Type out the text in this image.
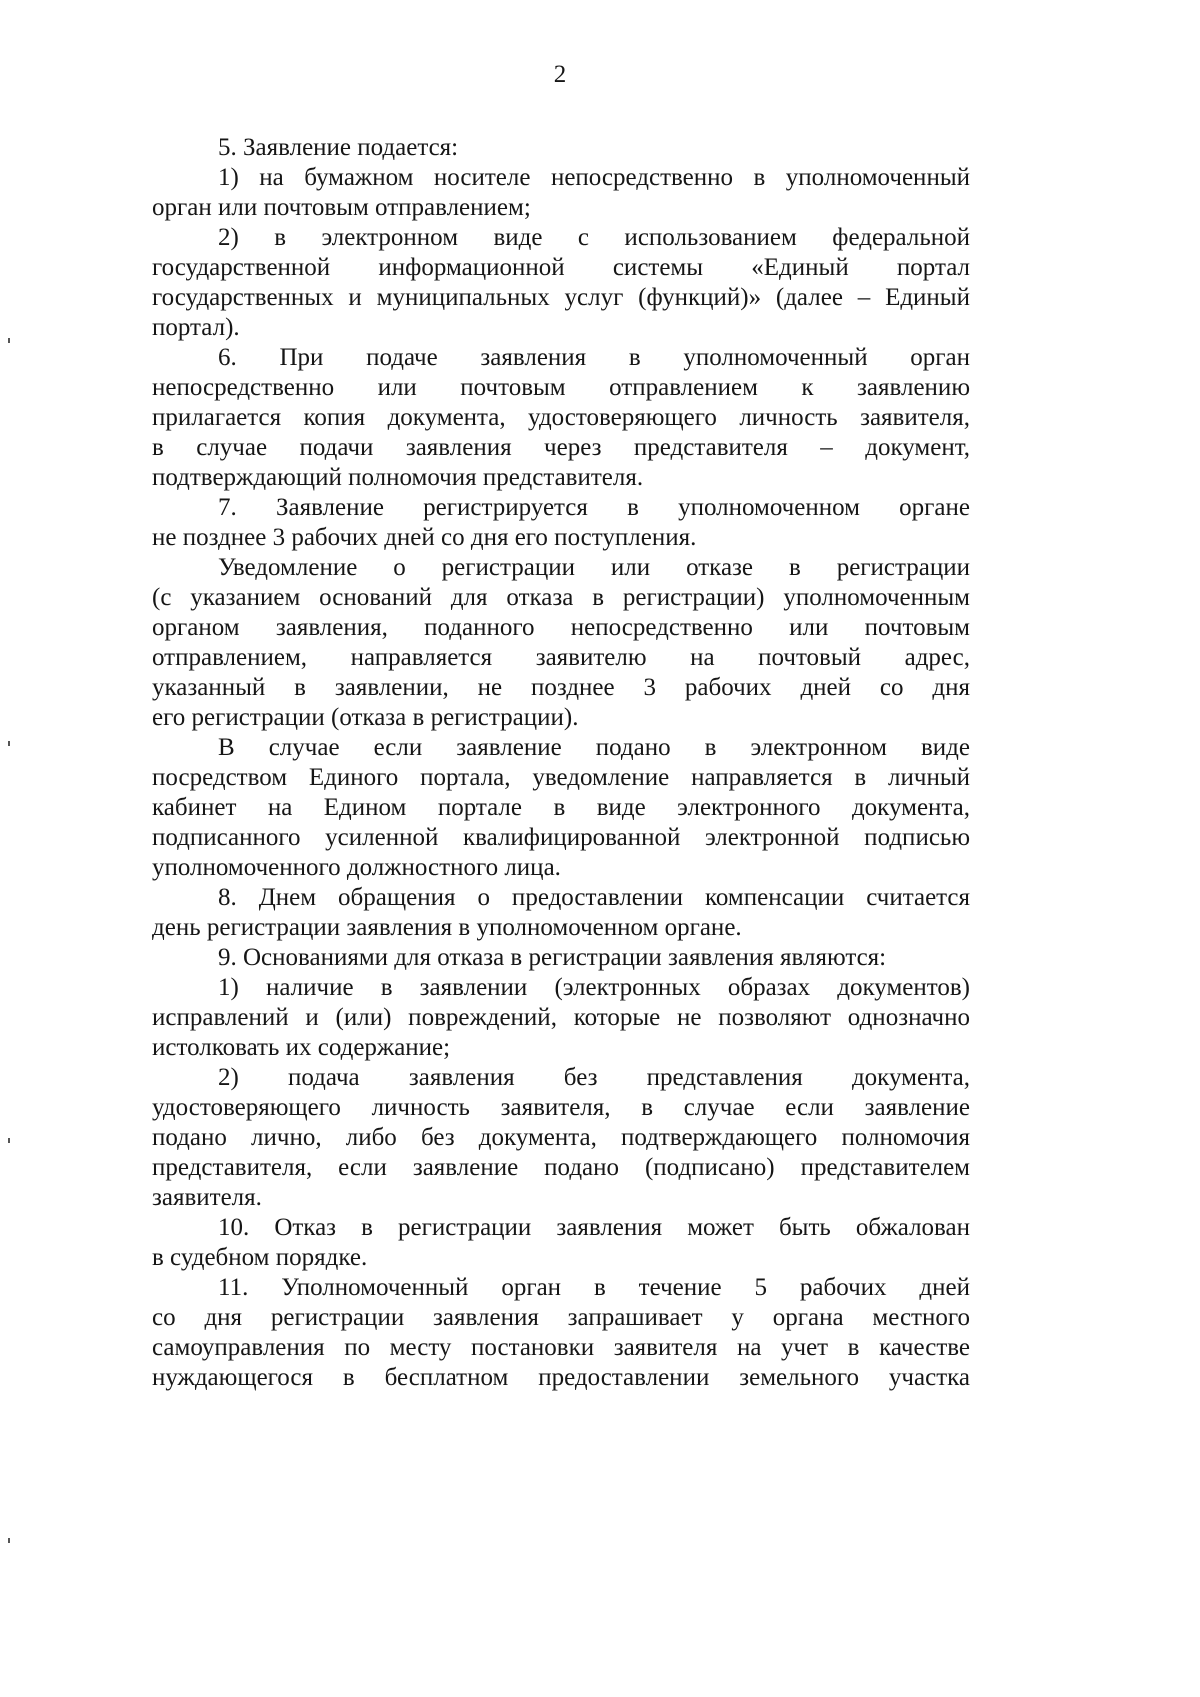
2
5. Заявление подается:
1) на бумажном носителе непосредственно в уполномоченный
орган или почтовым отправлением;
2) в электронном виде с использованием федеральной
государственной информационной системы «Единый портал
государственных и муниципальных услуг (функций)» (далее – Единый
портал).
6. При подаче заявления в уполномоченный орган
непосредственно или почтовым отправлением к заявлению
прилагается копия документа, удостоверяющего личность заявителя,
в случае подачи заявления через представителя – документ,
подтверждающий полномочия представителя.
7. Заявление регистрируется в уполномоченном органе
не позднее 3 рабочих дней со дня его поступления.
Уведомление о регистрации или отказе в регистрации
(с указанием оснований для отказа в регистрации) уполномоченным
органом заявления, поданного непосредственно или почтовым
отправлением, направляется заявителю на почтовый адрес,
указанный в заявлении, не позднее 3 рабочих дней со дня
его регистрации (отказа в регистрации).
В случае если заявление подано в электронном виде
посредством Единого портала, уведомление направляется в личный
кабинет на Едином портале в виде электронного документа,
подписанного усиленной квалифицированной электронной подписью
уполномоченного должностного лица.
8. Днем обращения о предоставлении компенсации считается
день регистрации заявления в уполномоченном органе.
9. Основаниями для отказа в регистрации заявления являются:
1) наличие в заявлении (электронных образах документов)
исправлений и (или) повреждений, которые не позволяют однозначно
истолковать их содержание;
2) подача заявления без представления документа,
удостоверяющего личность заявителя, в случае если заявление
подано лично, либо без документа, подтверждающего полномочия
представителя, если заявление подано (подписано) представителем
заявителя.
10. Отказ в регистрации заявления может быть обжалован
в судебном порядке.
11. Уполномоченный орган в течение 5 рабочих дней
со дня регистрации заявления запрашивает у органа местного
самоуправления по месту постановки заявителя на учет в качестве
нуждающегося в бесплатном предоставлении земельного участка
